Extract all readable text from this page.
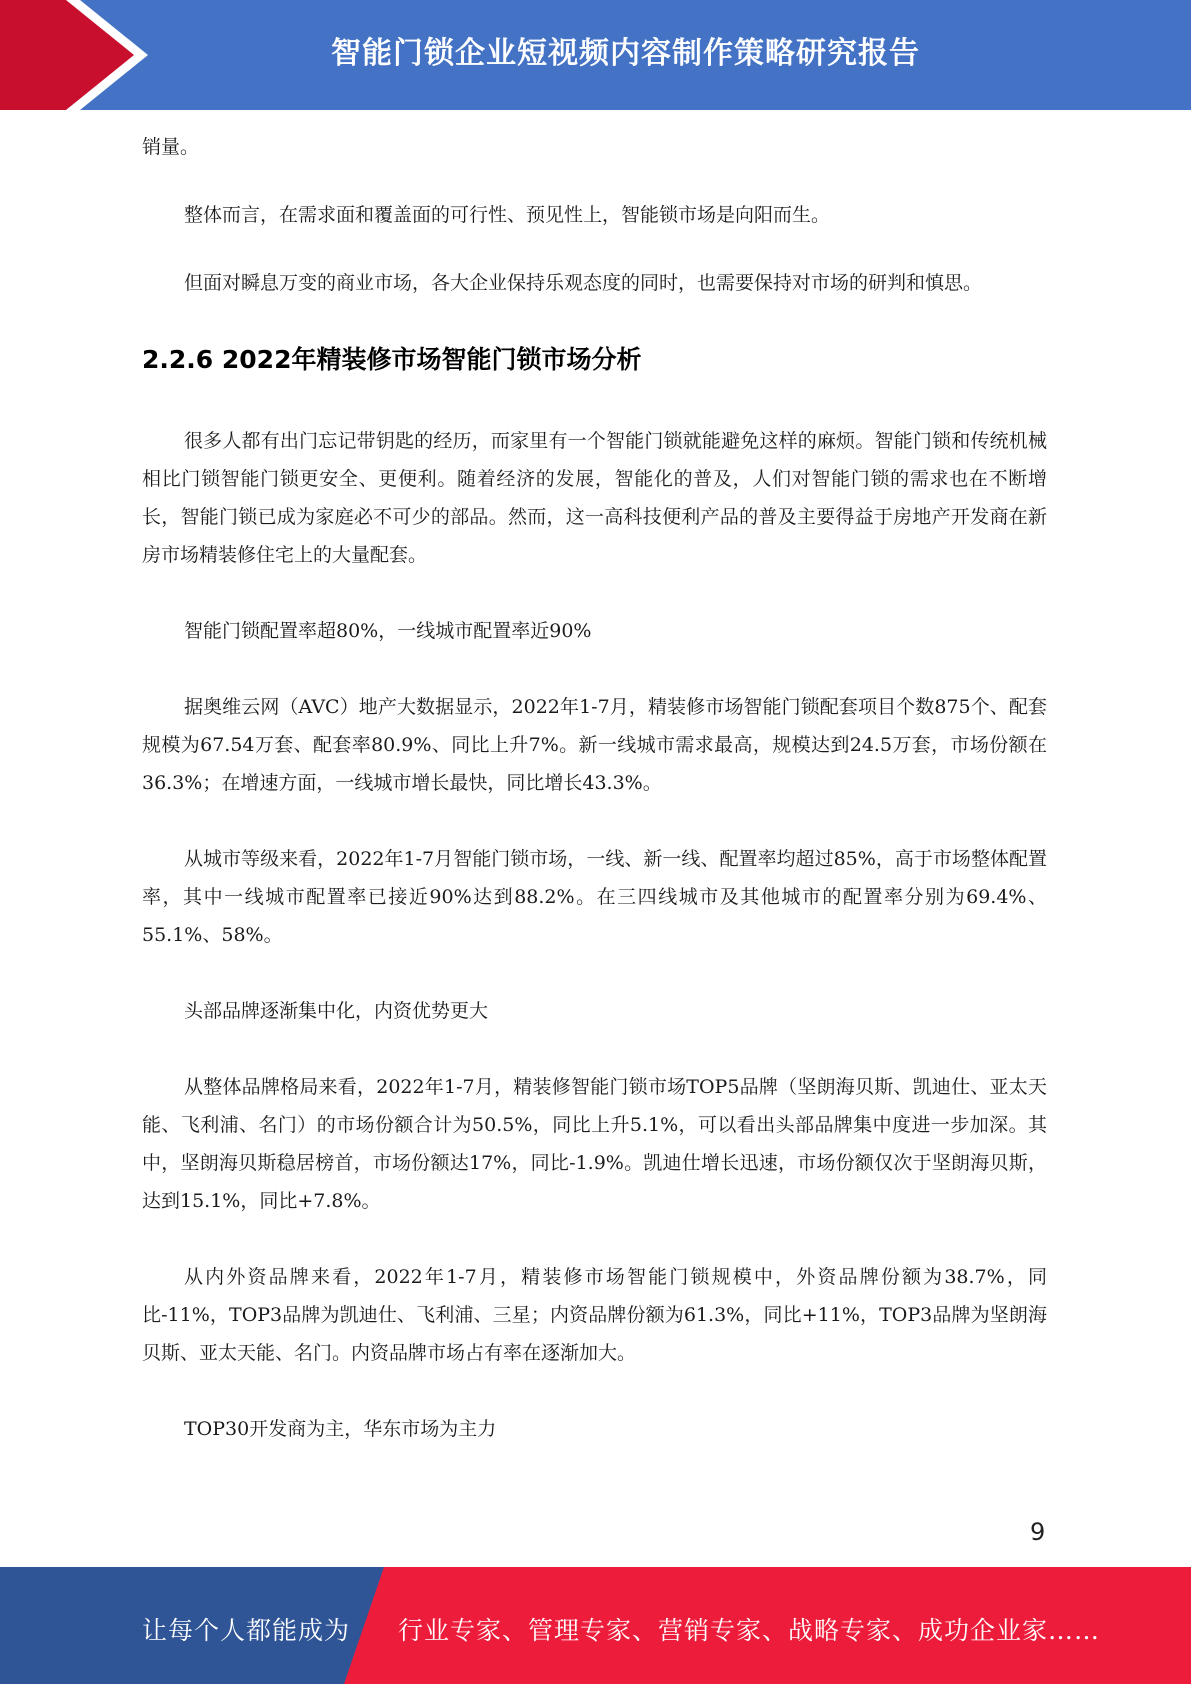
智能门锁企业短视频内容制作策略研究报告

销量。

整体而言，在需求面和覆盖面的可行性、预见性上，智能锁市场是向阳而生。

但面对瞬息万变的商业市场，各大企业保持乐观态度的同时，也需要保持对市场的研判和慎思。

2.2.6 2022年精装修市场智能门锁市场分析

很多人都有出门忘记带钥匙的经历，而家里有一个智能门锁就能避免这样的麻烦。智能门锁和传统机械相比门锁智能门锁更安全、更便利。随着经济的发展，智能化的普及，人们对智能门锁的需求也在不断增长，智能门锁已成为家庭必不可少的部品。然而，这一高科技便利产品的普及主要得益于房地产开发商在新房市场精装修住宅上的大量配套。

智能门锁配置率超80%，一线城市配置率近90%

据奥维云网（AVC）地产大数据显示，2022年1-7月，精装修市场智能门锁配套项目个数875个、配套规模为67.54万套、配套率80.9%、同比上升7%。新一线城市需求最高，规模达到24.5万套，市场份额在36.3%；在增速方面，一线城市增长最快，同比增长43.3%。

从城市等级来看，2022年1-7月智能门锁市场，一线、新一线、配置率均超过85%，高于市场整体配置率，其中一线城市配置率已接近90%达到88.2%。在三四线城市及其他城市的配置率分别为69.4%、55.1%、58%。

头部品牌逐渐集中化，内资优势更大

从整体品牌格局来看，2022年1-7月，精装修智能门锁市场TOP5品牌（坚朗海贝斯、凯迪仕、亚太天能、飞利浦、名门）的市场份额合计为50.5%，同比上升5.1%，可以看出头部品牌集中度进一步加深。其中，坚朗海贝斯稳居榜首，市场份额达17%，同比-1.9%。凯迪仕增长迅速，市场份额仅次于坚朗海贝斯，达到15.1%，同比+7.8%。

从内外资品牌来看，2022年1-7月，精装修市场智能门锁规模中，外资品牌份额为38.7%，同比-11%，TOP3品牌为凯迪仕、飞利浦、三星；内资品牌份额为61.3%，同比+11%，TOP3品牌为坚朗海贝斯、亚太天能、名门。内资品牌市场占有率在逐渐加大。

TOP30开发商为主，华东市场为主力

9
让每个人都能成为 行业专家、管理专家、营销专家、战略专家、成功企业家……
